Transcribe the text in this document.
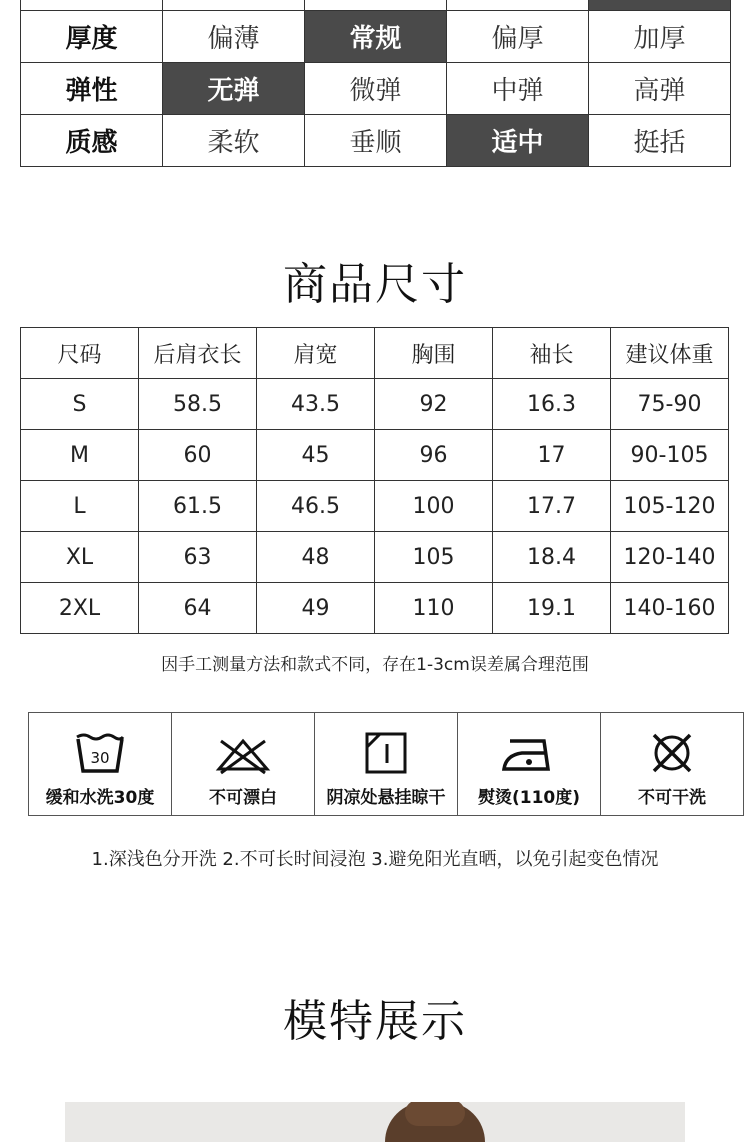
厚度	偏薄	常规	偏厚	加厚
弹性	无弹	微弹	中弹	高弹
质感	柔软	垂顺	适中	挺括
商品尺寸
尺码	后肩衣长	肩宽	胸围	袖长	建议体重
S	58.5	43.5	92	16.3	75-90
M	60	45	96	17	90-105
L	61.5	46.5	100	17.7	105-120
XL	63	48	105	18.4	120-140
2XL	64	49	110	19.1	140-160
因手工测量方法和款式不同，存在1-3cm误差属合理范围
30
缓和水洗30度	不可漂白	阴凉处悬挂晾干	熨烫(110度)	不可干洗
1.深浅色分开洗 2.不可长时间浸泡 3.避免阳光直晒，以免引起变色情况
模特展示
